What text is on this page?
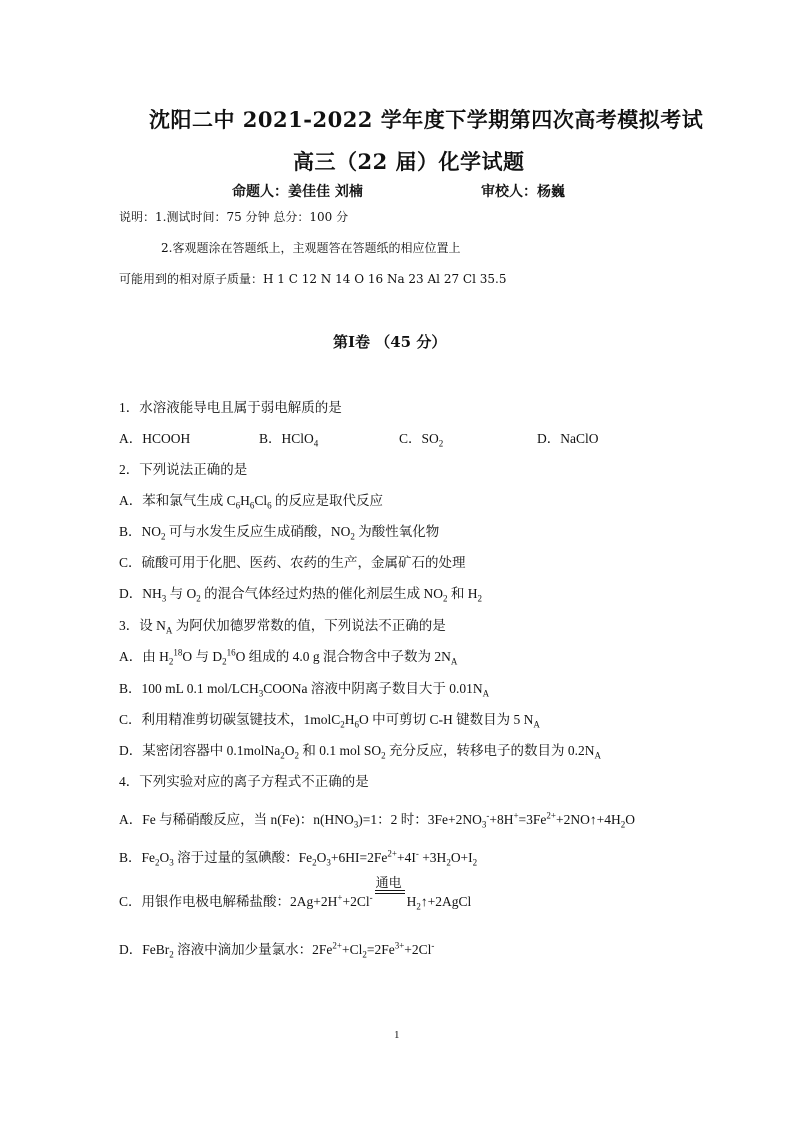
沈阳二中 2021-2022 学年度下学期第四次高考模拟考试
高三（22 届）化学试题
命题人：姜佳佳 刘楠	审校人：杨巍
说明：1.测试时间：75 分钟 总分：100 分
2.客观题涂在答题纸上，主观题答在答题纸的相应位置上
可能用到的相对原子质量：H 1 C 12 N 14 O 16 Na 23 Al 27 Cl 35.5
第Ⅰ卷 （45 分）
1．水溶液能导电且属于弱电解质的是
A．HCOOH	B．HClO$_4$	C．$SO_2$	D．NaClO
2．下列说法正确的是
A．苯和氯气生成 $C_6H_6Cl_6$ 的反应是取代反应
B．$NO_2$ 可与水发生反应生成硝酸，$NO_2$ 为酸性氧化物
C．硫酸可用于化肥、医药、农药的生产，金属矿石的处理
D．$NH_3$ 与 $O_2$ 的混合气体经过灼热的催化剂层生成 $NO_2$ 和 $H_2$
3．设 $N_A$ 为阿伏加德罗常数的值，下列说法不正确的是
A．由 $H_2^{18}O$ 与 $D_2^{16}O$ 组成的 4.0 g 混合物含中子数为 $2N_A$
B．100 mL 0.1 mol/$LCH_3COONa$ 溶液中阴离子数目大于 $0.01N_A$
C．利用精准剪切碳氢键技术，$1molC_2H_6O$ 中可剪切 C-H 键数目为 5 $N_A$
D．某密闭容器中 $0.1molNa_2O_2$ 和 0.1 mol $SO_2$ 充分反应，转移电子的数目为 $0.2N_A$
4．下列实验对应的离子方程式不正确的是
A．Fe 与稀硝酸反应，当 n(Fe)：$n(HNO_3)=1$：2 时：$3Fe+2NO_3^-+8H^+=3Fe^{2+}+2NO↑+4H_2O$
B．$Fe_2O_3$ 溶于过量的氢碘酸：$Fe_2O_3+6HI=2Fe^{2+}+4I^- +3H_2O+I_2$
C．用银作电极电解稀盐酸：2Ag+2H++2Cl-
通电
$H_2↑+2AgCl$
D．FeBr$_2$ 溶液中滴加少量氯水：$2Fe^{2+}+Cl_2=2Fe^{3+}+2Cl^-$
1
